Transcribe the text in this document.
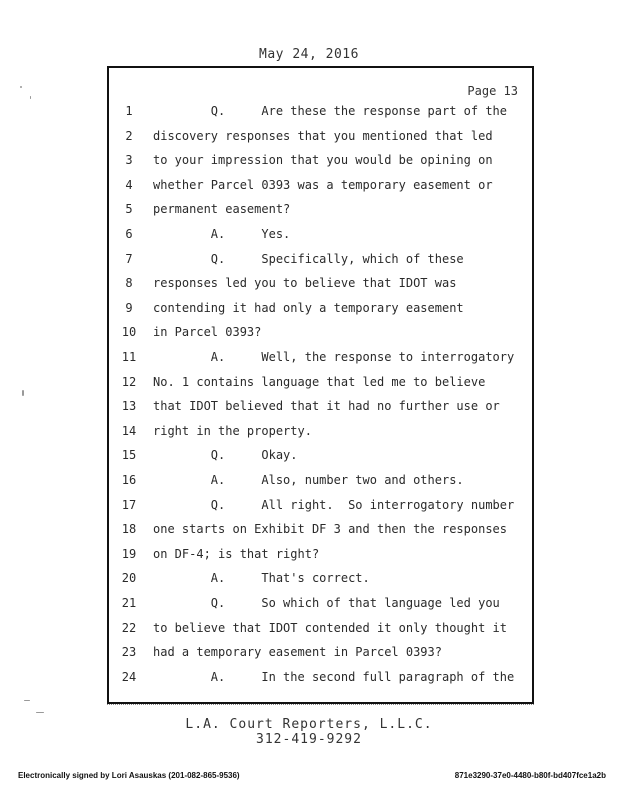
May 24, 2016
Page 13
1	Q.     Are these the response part of the
2	discovery responses that you mentioned that led
3	to your impression that you would be opining on
4	whether Parcel 0393 was a temporary easement or
5	permanent easement?
6	A.     Yes.
7	Q.     Specifically, which of these
8	responses led you to believe that IDOT was
9	contending it had only a temporary easement
10	in Parcel 0393?
11	A.     Well, the response to interrogatory
12	No. 1 contains language that led me to believe
13	that IDOT believed that it had no further use or
14	right in the property.
15	Q.     Okay.
16	A.     Also, number two and others.
17	Q.     All right.  So interrogatory number
18	one starts on Exhibit DF 3 and then the responses
19	on DF-4; is that right?
20	A.     That's correct.
21	Q.     So which of that language led you
22	to believe that IDOT contended it only thought it
23	had a temporary easement in Parcel 0393?
24	A.     In the second full paragraph of the
L.A. Court Reporters, L.L.C.
312-419-9292
Electronically signed by Lori Asauskas (201-082-865-9536)	871e3290-37e0-4480-b80f-bd407fce1a2b
